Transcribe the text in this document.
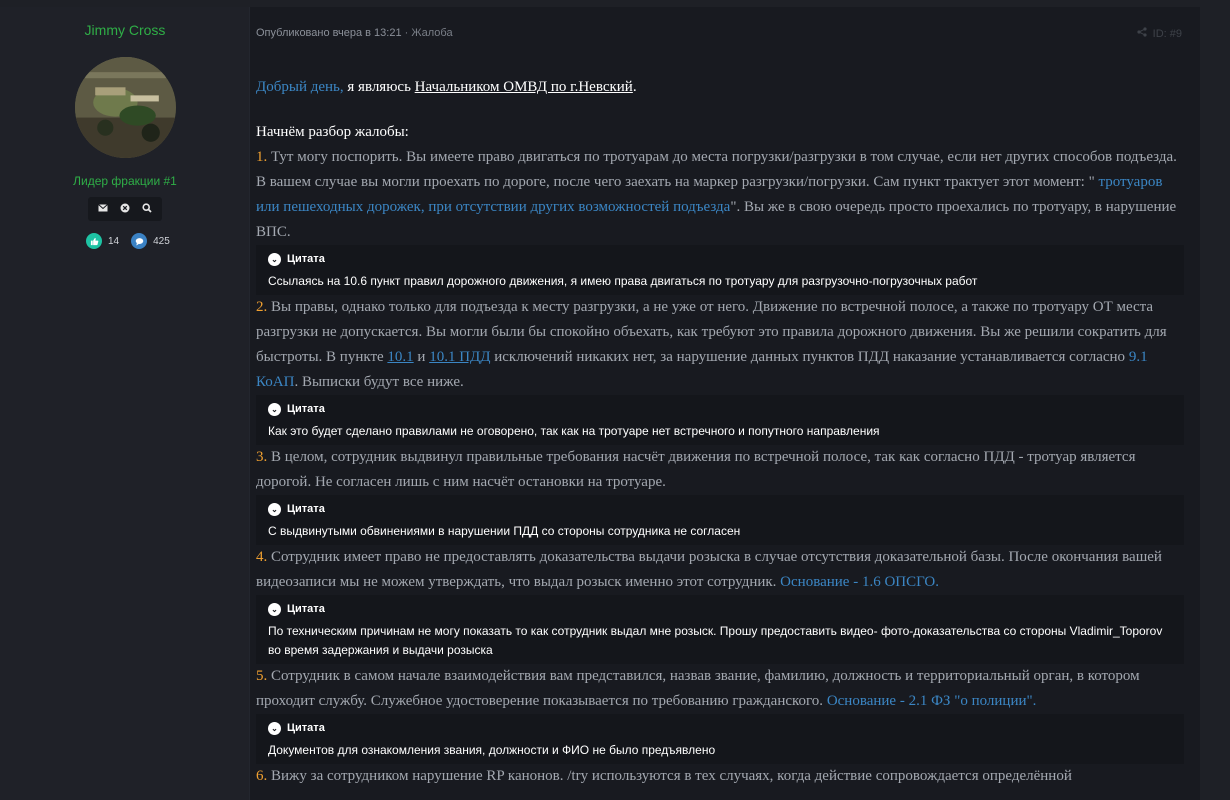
Jimmy Cross
Лидер фракции #1
14	425
Опубликовано вчера в 13:21 · Жалоба	ID: #9

Добрый день, я являюсь Начальником ОМВД по г.Невский.

Начнём разбор жалобы:

1. Тут могу поспорить. Вы имеете право двигаться по тротуарам до места погрузки/разгрузки в том случае, если нет других способов подъезда. В вашем случае вы могли проехать по дороге, после чего заехать на маркер разгрузки/погрузки. Сам пункт трактует этот момент: " тротуаров или пешеходных дорожек, при отсутствии других возможностей подъезда". Вы же в свою очередь просто проехались по тротуару, в нарушение ВПС.

⌄ Цитата
Ссылаясь на 10.6 пункт правил дорожного движения, я имею права двигаться по тротуару для разгрузочно-погрузочных работ

2. Вы правы, однако только для подъезда к месту разгрузки, а не уже от него. Движение по встречной полосе, а также по тротуару ОТ места разгрузки не допускается. Вы могли были бы спокойно объехать, как требуют это правила дорожного движения. Вы же решили сократить для быстроты. В пункте 10.1 и 10.1 ПДД исключений никаких нет, за нарушение данных пунктов ПДД наказание устанавливается согласно 9.1 КоАП. Выписки будут все ниже.

⌄ Цитата
Как это будет сделано правилами не оговорено, так как на тротуаре нет встречного и попутного направления

3. В целом, сотрудник выдвинул правильные требования насчёт движения по встречной полосе, так как согласно ПДД - тротуар является дорогой. Не согласен лишь с ним насчёт остановки на тротуаре.

⌄ Цитата
С выдвинутыми обвинениями в нарушении ПДД со стороны сотрудника не согласен

4. Сотрудник имеет право не предоставлять доказательства выдачи розыска в случае отсутствия доказательной базы. После окончания вашей видеозаписи мы не можем утверждать, что выдал розыск именно этот сотрудник. Основание - 1.6 ОПСГО.

⌄ Цитата
По техническим причинам не могу показать то как сотрудник выдал мне розыск. Прошу предоставить видео- фото-доказательства со стороны Vladimir_Toporov во время задержания и выдачи розыска

5. Сотрудник в самом начале взаимодействия вам представился, назвав звание, фамилию, должность и территориальный орган, в котором проходит службу. Служебное удостоверение показывается по требованию гражданского. Основание - 2.1 ФЗ "о полиции".

⌄ Цитата
Документов для ознакомления звания, должности и ФИО не было предъявлено

6. Вижу за сотрудником нарушение RP канонов. /try используются в тех случаях, когда действие сопровождается определённой
